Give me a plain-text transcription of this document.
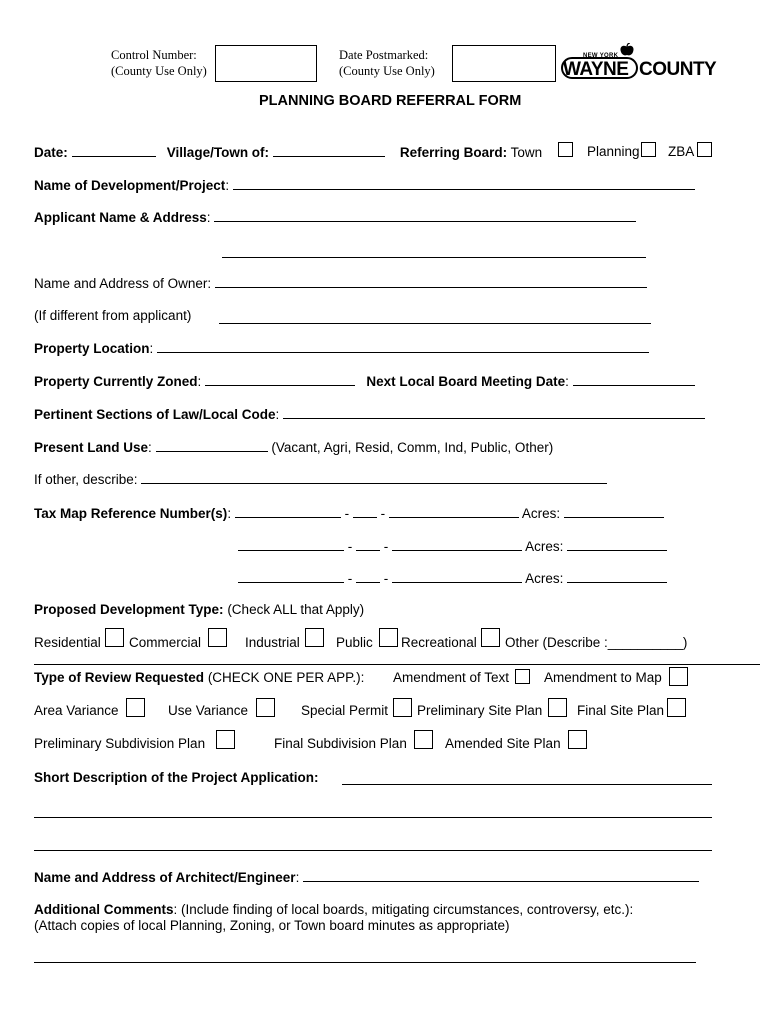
Control Number:
(County Use Only)
Date Postmarked:
(County Use Only)
NEW YORK
WAYNE COUNTY
PLANNING BOARD REFERRAL FORM
Date:	Village/Town of:	Referring Board: Town	Planning ZBA
Name of Development/Project:
Applicant Name & Address:
Name and Address of Owner:
(If different from applicant)
Property Location:
Property Currently Zoned:	Next Local Board Meeting Date:
Pertinent Sections of Law/Local Code:
Present Land Use:	(Vacant, Agri, Resid, Comm, Ind, Public, Other)
If other, describe:
Tax Map Reference Number(s):	- -	Acres:
- -	Acres:
- -	Acres:
Proposed Development Type: (Check ALL that Apply)
Residential Commercial	Industrial	Public Recreational Other (Describe :__________)
Type of Review Requested (CHECK ONE PER APP.): Amendment of Text	Amendment to Map
Area Variance	Use Variance	Special Permit Preliminary Site Plan	Final Site Plan
Preliminary Subdivision Plan	Final Subdivision Plan	Amended Site Plan
Short Description of the Project Application:
Name and Address of Architect/Engineer:
Additional Comments: (Include finding of local boards, mitigating circumstances, controversy, etc.):
(Attach copies of local Planning, Zoning, or Town board minutes as appropriate)
